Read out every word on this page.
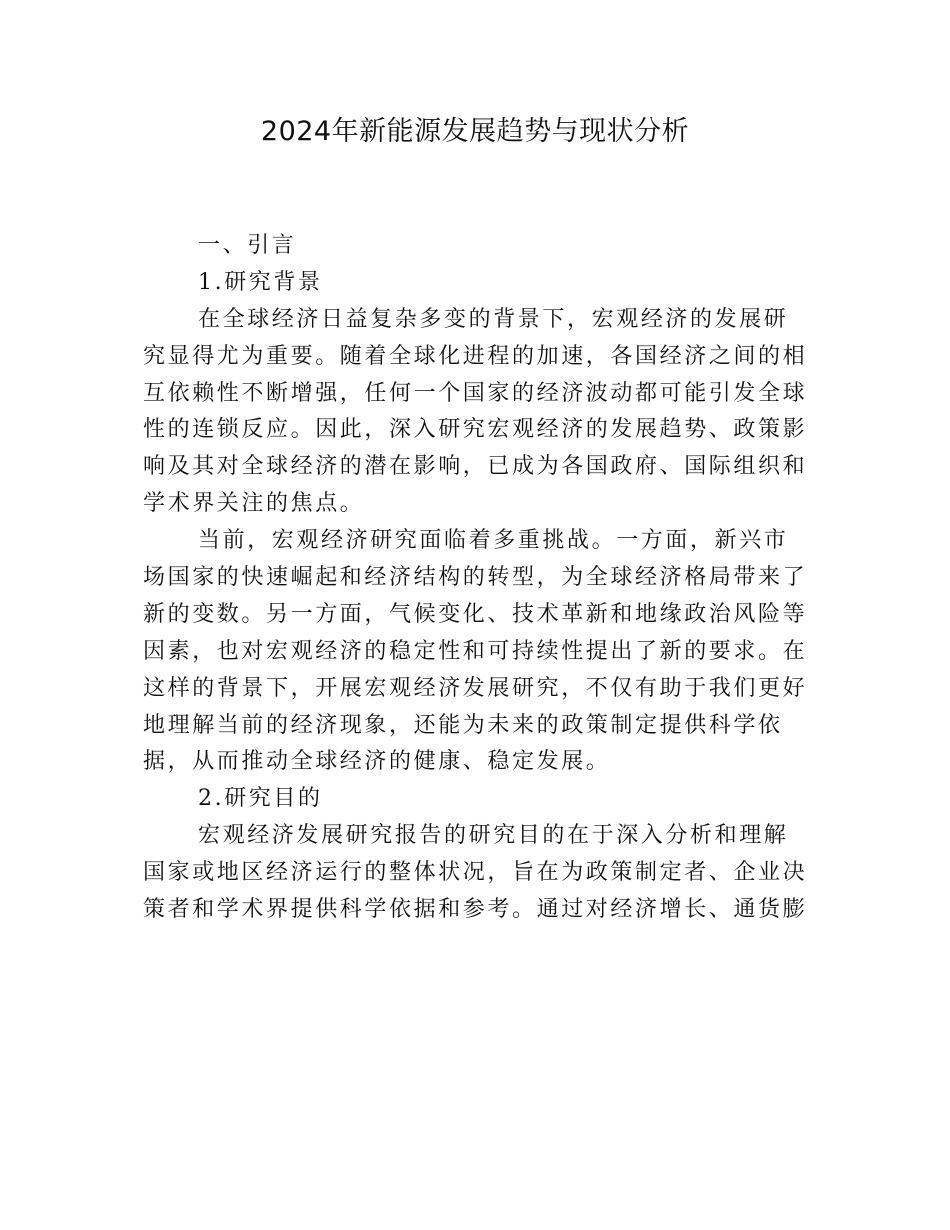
2024年新能源发展趋势与现状分析
一、引言
1.研究背景
在全球经济日益复杂多变的背景下，宏观经济的发展研
究显得尤为重要。随着全球化进程的加速，各国经济之间的相
互依赖性不断增强，任何一个国家的经济波动都可能引发全球
性的连锁反应。因此，深入研究宏观经济的发展趋势、政策影
响及其对全球经济的潜在影响，已成为各国政府、国际组织和
学术界关注的焦点。
当前，宏观经济研究面临着多重挑战。一方面，新兴市
场国家的快速崛起和经济结构的转型，为全球经济格局带来了
新的变数。另一方面，气候变化、技术革新和地缘政治风险等
因素，也对宏观经济的稳定性和可持续性提出了新的要求。在
这样的背景下，开展宏观经济发展研究，不仅有助于我们更好
地理解当前的经济现象，还能为未来的政策制定提供科学依
据，从而推动全球经济的健康、稳定发展。
2.研究目的
宏观经济发展研究报告的研究目的在于深入分析和理解
国家或地区经济运行的整体状况，旨在为政策制定者、企业决
策者和学术界提供科学依据和参考。通过对经济增长、通货膨
